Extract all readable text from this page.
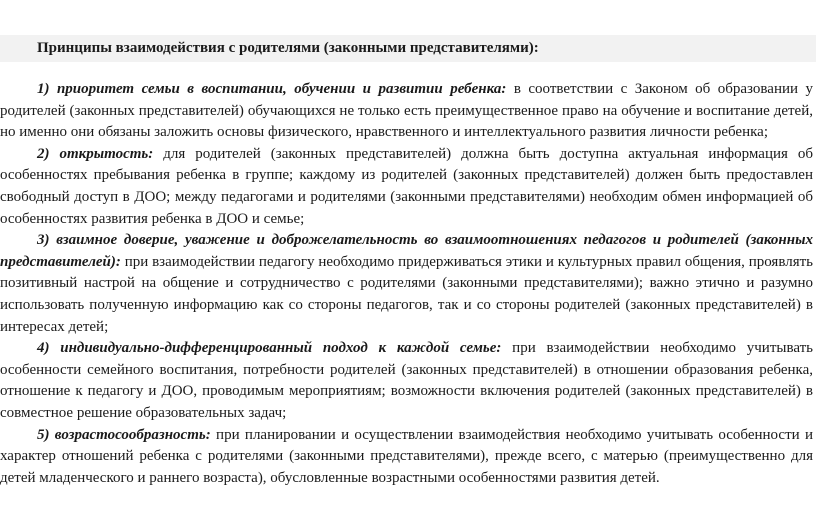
Принципы взаимодействия с родителями (законными представителями):

1) приоритет семьи в воспитании, обучении и развитии ребенка: в соответствии с Законом об образовании у родителей (законных представителей) обучающихся не только есть преимущественное право на обучение и воспитание детей, но именно они обязаны заложить основы физического, нравственного и интеллектуального развития личности ребенка;

2) открытость: для родителей (законных представителей) должна быть доступна актуальная информация об особенностях пребывания ребенка в группе; каждому из родителей (законных представителей) должен быть предоставлен свободный доступ в ДОО; между педагогами и родителями (законными представителями) необходим обмен информацией об особенностях развития ребенка в ДОО и семье;

3) взаимное доверие, уважение и доброжелательность во взаимоотношениях педагогов и родителей (законных представителей): при взаимодействии педагогу необходимо придерживаться этики и культурных правил общения, проявлять позитивный настрой на общение и сотрудничество с родителями (законными представителями); важно этично и разумно использовать полученную информацию как со стороны педагогов, так и со стороны родителей (законных представителей) в интересах детей;

4) индивидуально-дифференцированный подход к каждой семье: при взаимодействии необходимо учитывать особенности семейного воспитания, потребности родителей (законных представителей) в отношении образования ребенка, отношение к педагогу и ДОО, проводимым мероприятиям; возможности включения родителей (законных представителей) в совместное решение образовательных задач;

5) возрастосообразность: при планировании и осуществлении взаимодействия необходимо учитывать особенности и характер отношений ребенка с родителями (законными представителями), прежде всего, с матерью (преимущественно для детей младенческого и раннего возраста), обусловленные возрастными особенностями развития детей.
